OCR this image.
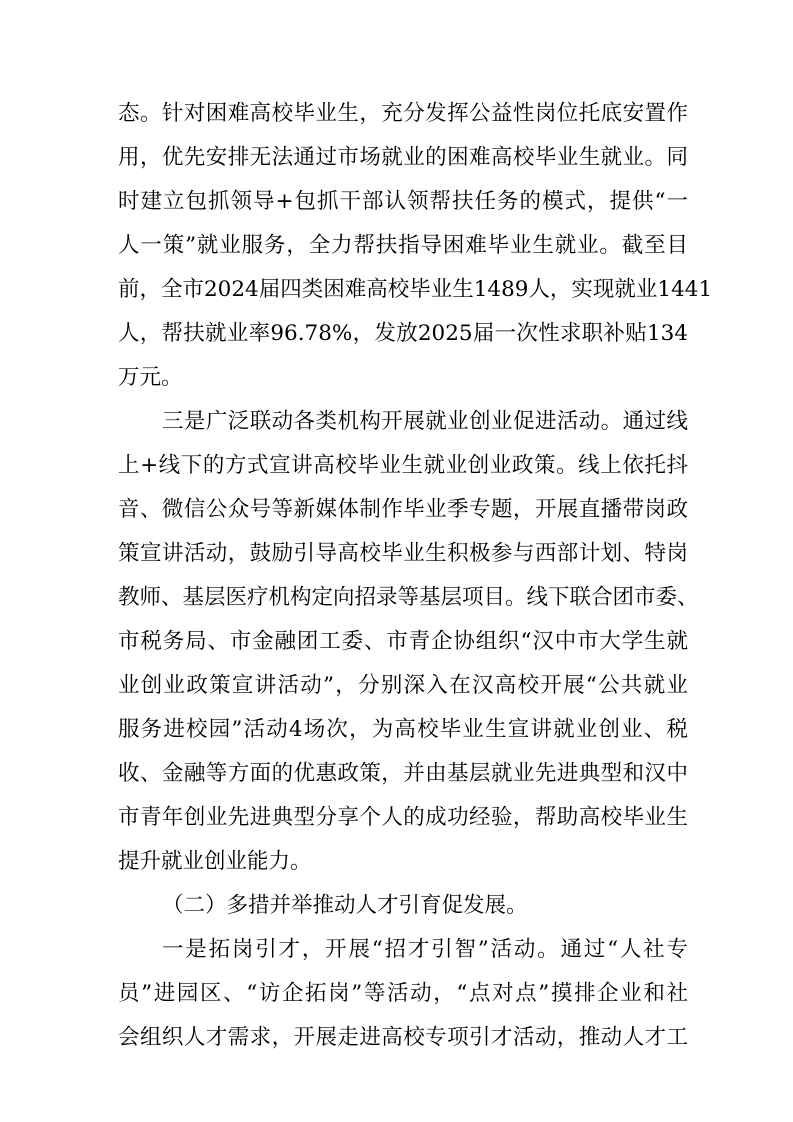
态。针对困难高校毕业生，充分发挥公益性岗位托底安置作
用，优先安排无法通过市场就业的困难高校毕业生就业。同
时建立包抓领导+包抓干部认领帮扶任务的模式，提供“一
人一策”就业服务，全力帮扶指导困难毕业生就业。截至目
前，全市2024届四类困难高校毕业生1489人，实现就业1441
人，帮扶就业率96.78%，发放2025届一次性求职补贴134
万元。
三是广泛联动各类机构开展就业创业促进活动。通过线
上+线下的方式宣讲高校毕业生就业创业政策。线上依托抖
音、微信公众号等新媒体制作毕业季专题，开展直播带岗政
策宣讲活动，鼓励引导高校毕业生积极参与西部计划、特岗
教师、基层医疗机构定向招录等基层项目。线下联合团市委、
市税务局、市金融团工委、市青企协组织“汉中市大学生就
业创业政策宣讲活动”，分别深入在汉高校开展“公共就业
服务进校园”活动4场次，为高校毕业生宣讲就业创业、税
收、金融等方面的优惠政策，并由基层就业先进典型和汉中
市青年创业先进典型分享个人的成功经验，帮助高校毕业生
提升就业创业能力。
（二）多措并举推动人才引育促发展。
一是拓岗引才，开展“招才引智”活动。通过“人社专
员”进园区、“访企拓岗”等活动，“点对点”摸排企业和社
会组织人才需求，开展走进高校专项引才活动，推动人才工
